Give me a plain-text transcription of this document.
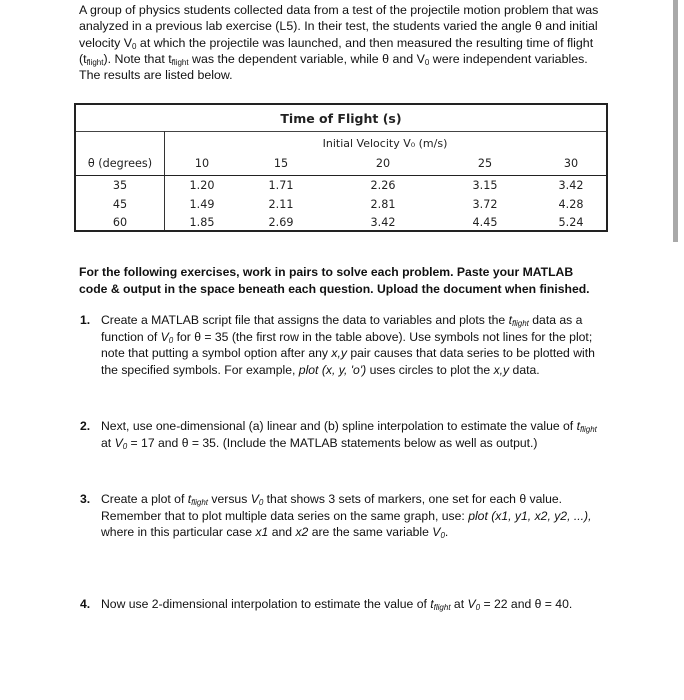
A group of physics students collected data from a test of the projectile motion problem that was
analyzed in a previous lab exercise (L5). In their test, the students varied the angle θ and initial
velocity $V_0$ at which the projectile was launched, and then measured the resulting time of flight
$(t_{flight})$. Note that $t_{flight}$ was the dependent variable, while θ and $V_0$ were independent variables.
The results are listed below.
Time of Flight (s)
Initial Velocity V₀ (m/s)
θ (degrees)	10	15	20	25	30
35	1.20	1.71	2.26	3.15	3.42
45	1.49	2.11	2.81	3.72	4.28
60	1.85	2.69	3.42	4.45	5.24
For the following exercises, work in pairs to solve each problem. Paste your MATLAB
code & output in the space beneath each question. Upload the document when finished.
1. Create a MATLAB script file that assigns the data to variables and plots the $t_{flight}$ data as a
function of $V_0$ for θ = 35 (the first row in the table above). Use symbols not lines for the plot;
note that putting a symbol option after any x,y pair causes that data series to be plotted with
the specified symbols. For example, plot (x, y, 'o') uses circles to plot the x,y data.
2. Next, use one-dimensional (a) linear and (b) spline interpolation to estimate the value of $t_{flight}$
at $V_0 = 17$ and θ = 35. (Include the MATLAB statements below as well as output.)
3. Create a plot of $t_{flight}$ versus $V_0$ that shows 3 sets of markers, one set for each θ value.
Remember that to plot multiple data series on the same graph, use: plot (x1, y1, x2, y2, ...),
where in this particular case x1 and x2 are the same variable $V_0$.
4. Now use 2-dimensional interpolation to estimate the value of $t_{flight}$ at $V_0 = 22$ and θ = 40.
